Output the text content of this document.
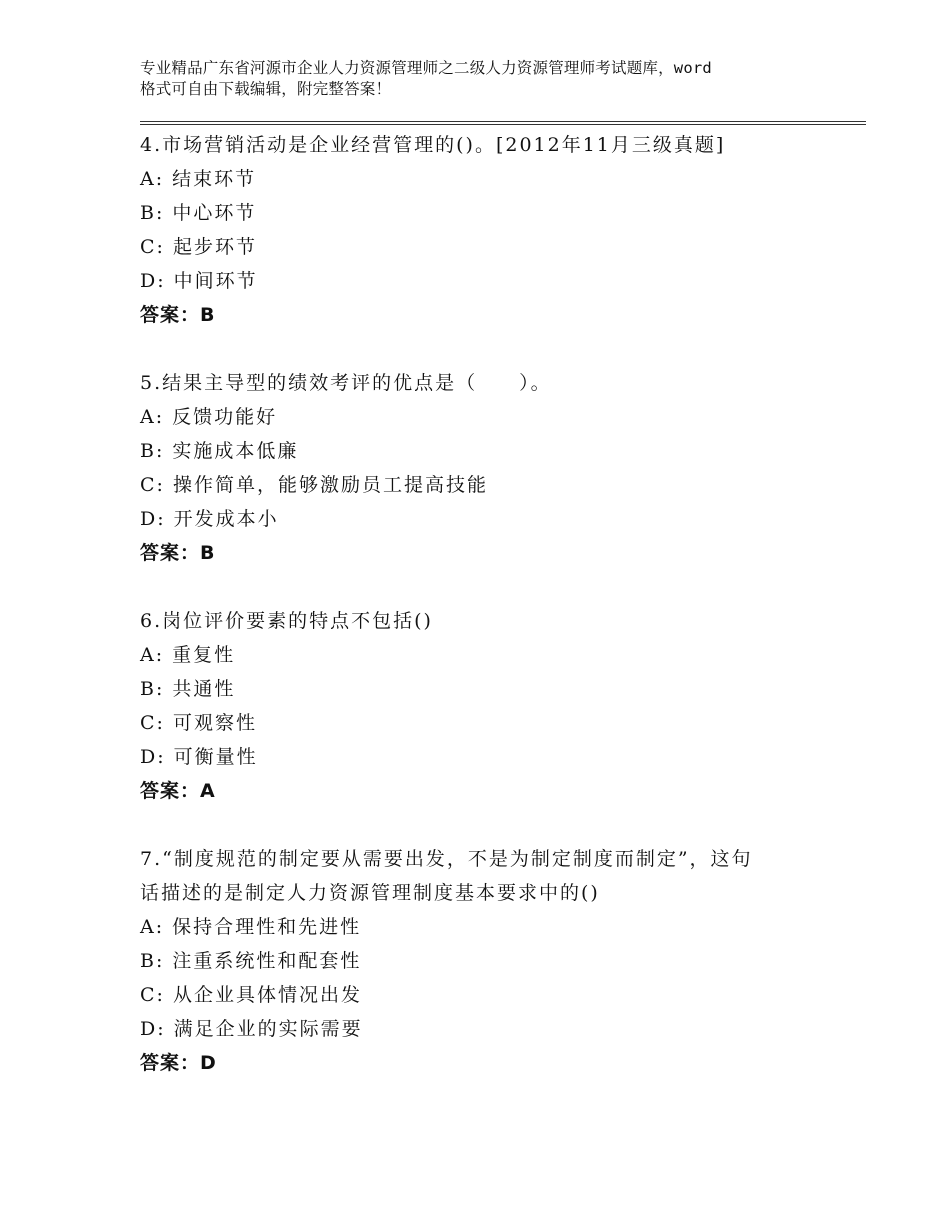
专业精品广东省河源市企业人力资源管理师之二级人力资源管理师考试题库，word
格式可自由下载编辑，附完整答案！
4.市场营销活动是企业经营管理的()。[2012年11月三级真题]
A: 结束环节
B: 中心环节
C: 起步环节
D: 中间环节
答案：B
5.结果主导型的绩效考评的优点是（　　）。
A: 反馈功能好
B: 实施成本低廉
C: 操作简单，能够激励员工提高技能
D: 开发成本小
答案：B
6.岗位评价要素的特点不包括()
A: 重复性
B: 共通性
C: 可观察性
D: 可衡量性
答案：A
7.“制度规范的制定要从需要出发，不是为制定制度而制定”，这句
话描述的是制定人力资源管理制度基本要求中的()
A: 保持合理性和先进性
B: 注重系统性和配套性
C: 从企业具体情况出发
D: 满足企业的实际需要
答案：D
